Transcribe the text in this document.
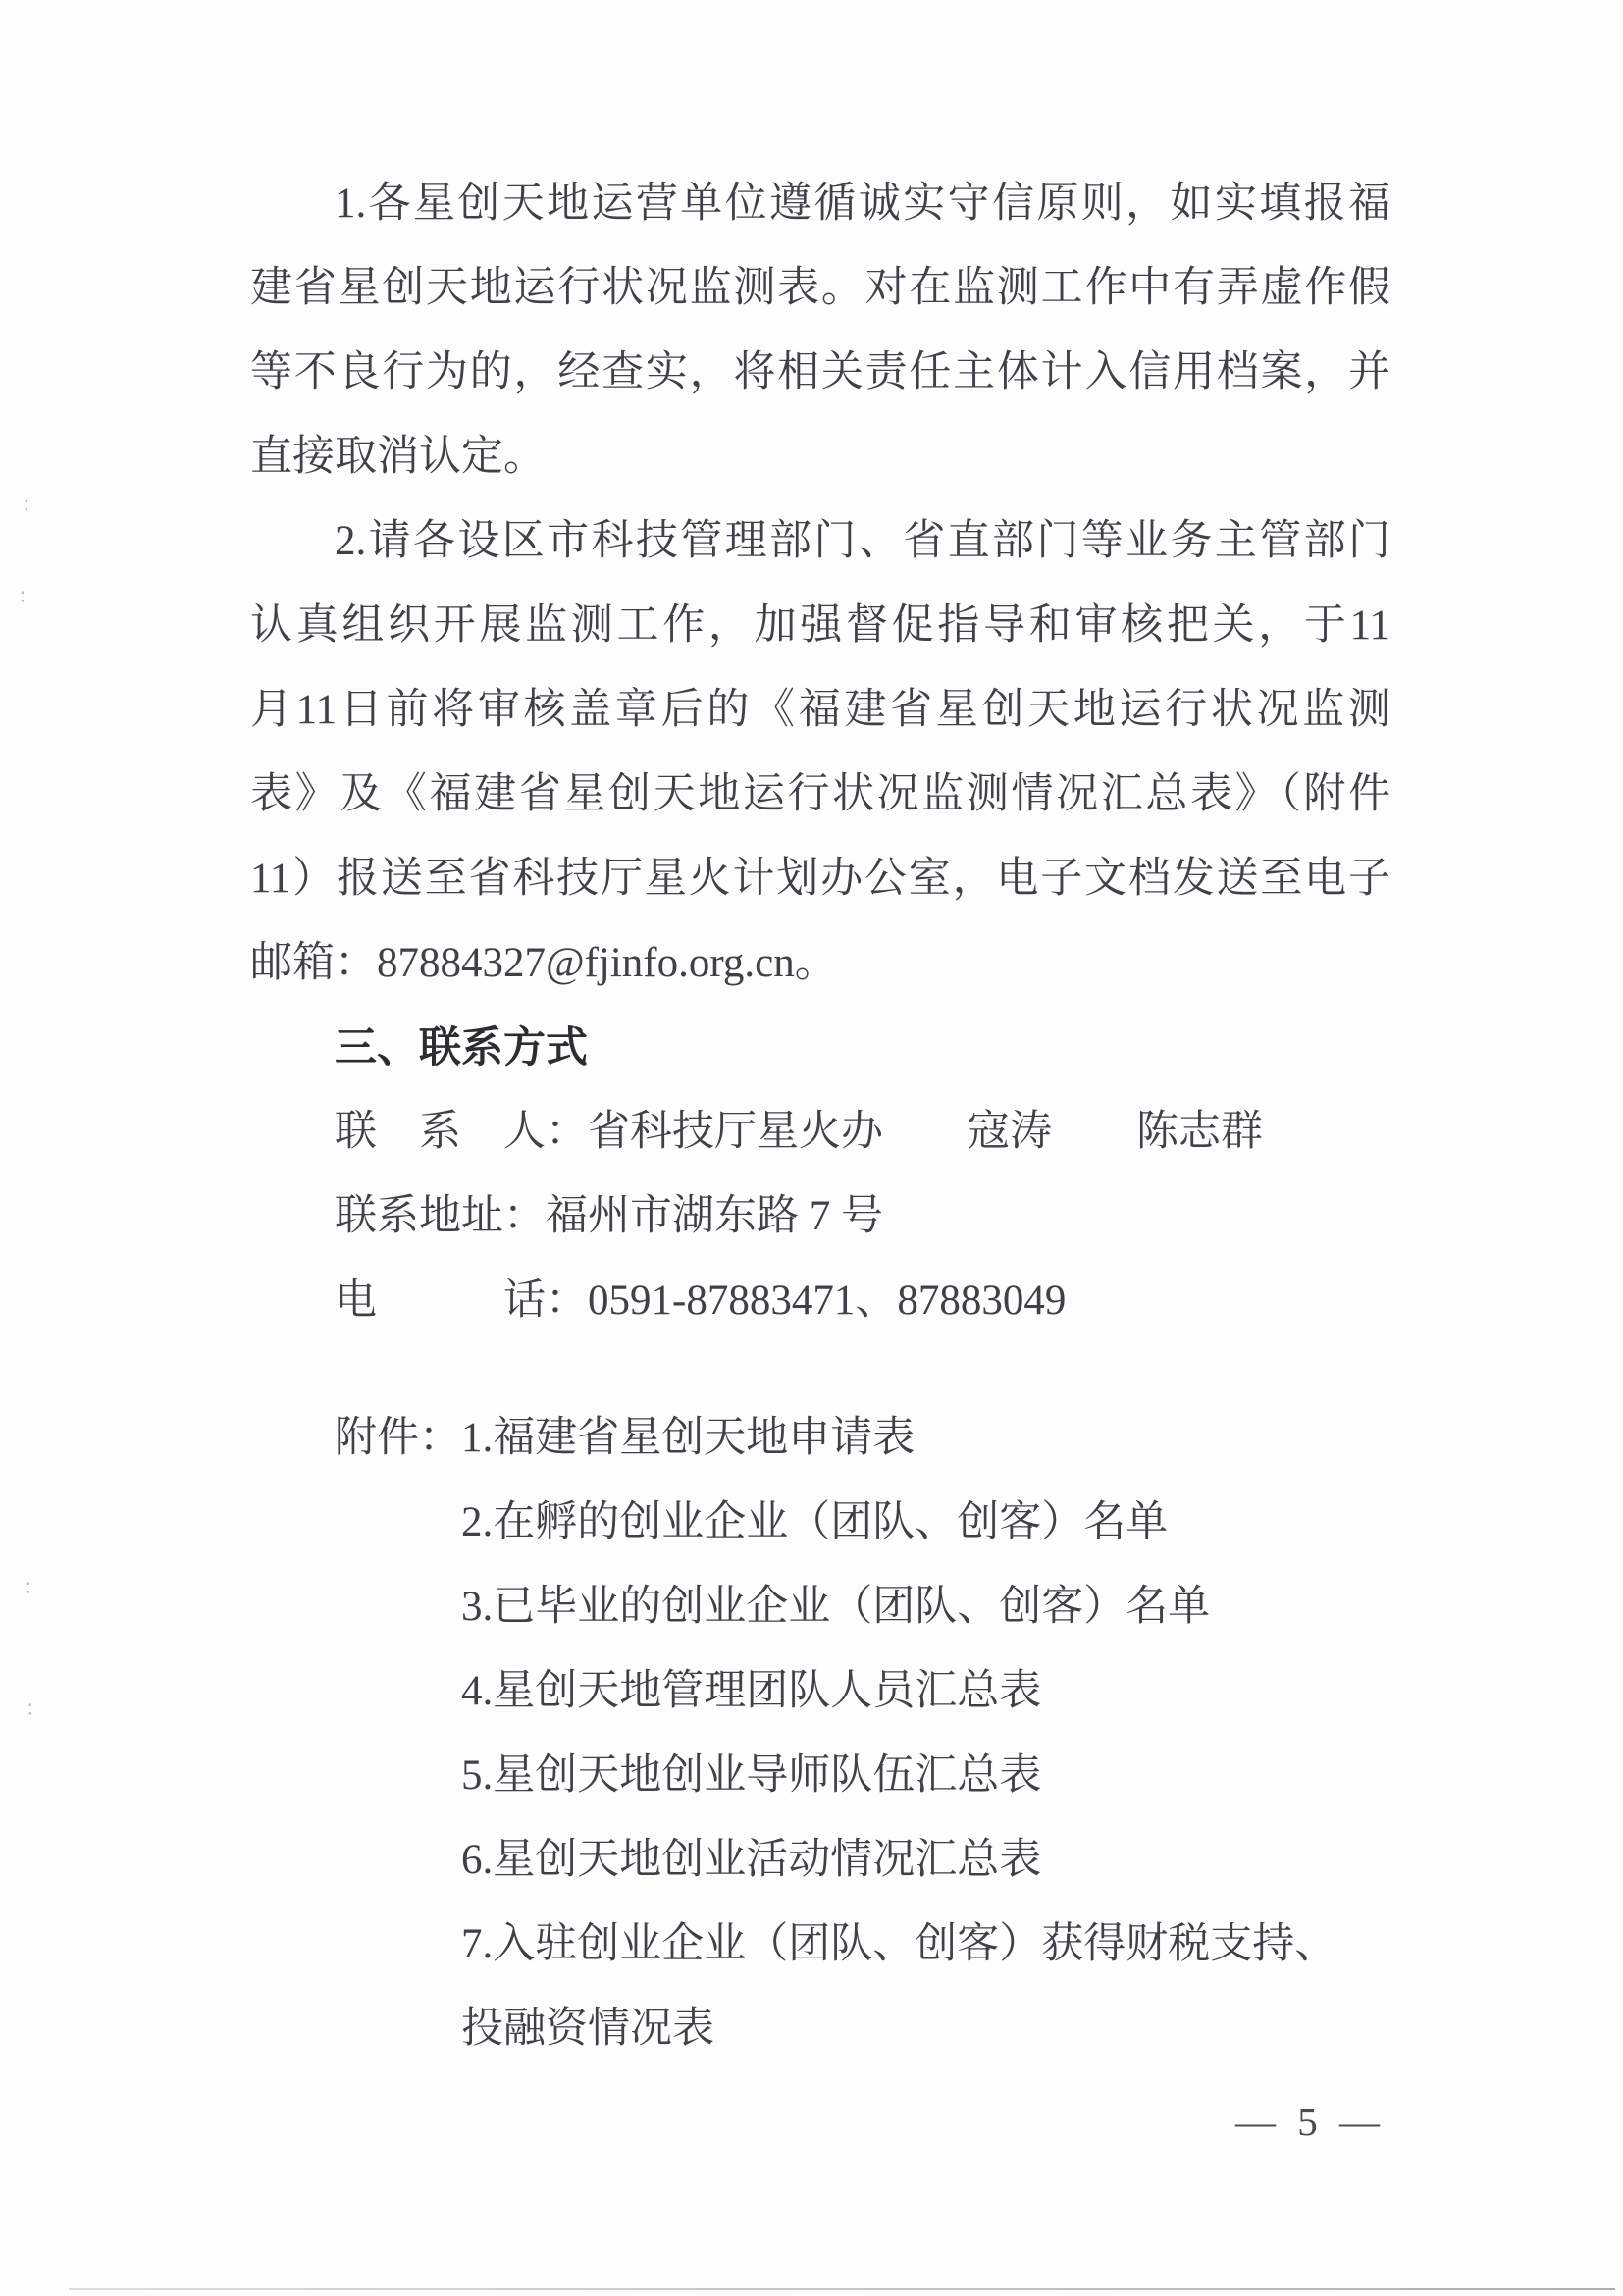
1.各星创天地运营单位遵循诚实守信原则，如实填报福
建省星创天地运行状况监测表。对在监测工作中有弄虚作假
等不良行为的，经查实，将相关责任主体计入信用档案，并
直接取消认定。
2.请各设区市科技管理部门、省直部门等业务主管部门
认真组织开展监测工作，加强督促指导和审核把关，于11
月11日前将审核盖章后的《福建省星创天地运行状况监测
表》及《福建省星创天地运行状况监测情况汇总表》（附件
11）报送至省科技厅星火计划办公室，电子文档发送至电子
邮箱：87884327@fjinfo.org.cn。
三、联系方式
联　系　人：省科技厅星火办　　寇涛　　陈志群
联系地址：福州市湖东路 7 号
电　　　话：0591-87883471、87883049
附件： 1.福建省星创天地申请表
2.在孵的创业企业（团队、创客）名单
3.已毕业的创业企业（团队、创客）名单
4.星创天地管理团队人员汇总表
5.星创天地创业导师队伍汇总表
6.星创天地创业活动情况汇总表
7.入驻创业企业（团队、创客）获得财税支持、
投融资情况表
— 5 —
∶
∶
∶
∶
